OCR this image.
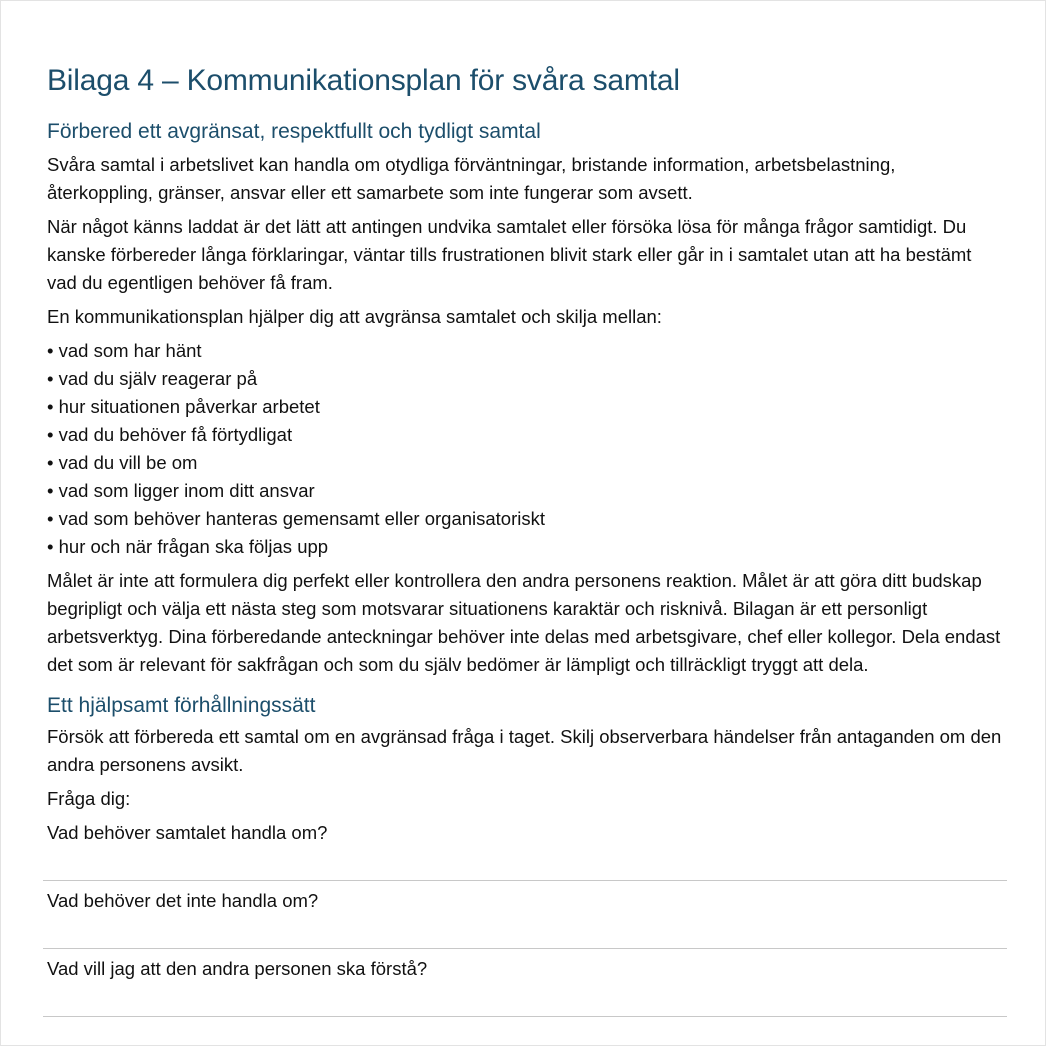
Bilaga 4 – Kommunikationsplan för svåra samtal
Förbered ett avgränsat, respektfullt och tydligt samtal

Svåra samtal i arbetslivet kan handla om otydliga förväntningar, bristande information, arbetsbelastning, återkoppling, gränser, ansvar eller ett samarbete som inte fungerar som avsett.

När något känns laddat är det lätt att antingen undvika samtalet eller försöka lösa för många frågor samtidigt. Du kanske förbereder långa förklaringar, väntar tills frustrationen blivit stark eller går in i samtalet utan att ha bestämt vad du egentligen behöver få fram.

En kommunikationsplan hjälper dig att avgränsa samtalet och skilja mellan:

• vad som har hänt
• vad du själv reagerar på
• hur situationen påverkar arbetet
• vad du behöver få förtydligat
• vad du vill be om
• vad som ligger inom ditt ansvar
• vad som behöver hanteras gemensamt eller organisatoriskt
• hur och när frågan ska följas upp

Målet är inte att formulera dig perfekt eller kontrollera den andra personens reaktion. Målet är att göra ditt budskap begripligt och välja ett nästa steg som motsvarar situationens karaktär och risknivå. Bilagan är ett personligt arbetsverktyg. Dina förberedande anteckningar behöver inte delas med arbetsgivare, chef eller kollegor. Dela endast det som är relevant för sakfrågan och som du själv bedömer är lämpligt och tillräckligt tryggt att dela.

Ett hjälpsamt förhållningssätt

Försök att förbereda ett samtal om en avgränsad fråga i taget. Skilj observerbara händelser från antaganden om den andra personens avsikt.

Fråga dig:

Vad behöver samtalet handla om?
Vad behöver det inte handla om?
Vad vill jag att den andra personen ska förstå?
